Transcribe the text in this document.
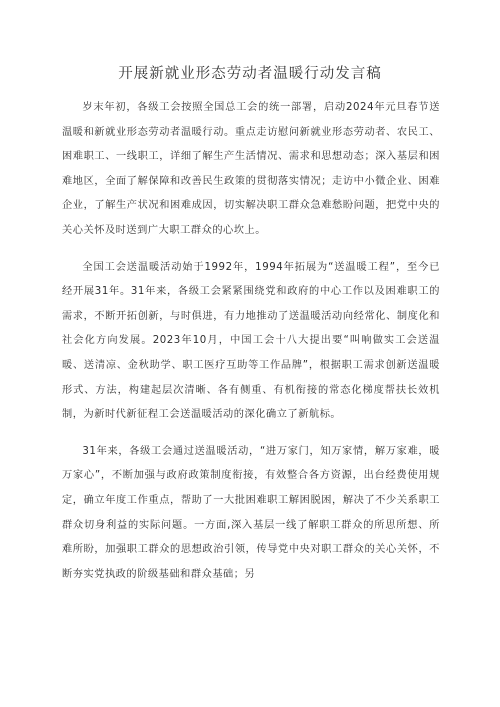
开展新就业形态劳动者温暖行动发言稿

岁末年初，各级工会按照全国总工会的统一部署，启动2024年元旦春节送温暖和新就业形态劳动者温暖行动。重点走访慰问新就业形态劳动者、农民工、困难职工、一线职工，详细了解生产生活情况、需求和思想动态；深入基层和困难地区，全面了解保障和改善民生政策的贯彻落实情况；走访中小微企业、困难企业，了解生产状况和困难成因，切实解决职工群众急难愁盼问题，把党中央的关心关怀及时送到广大职工群众的心坎上。

全国工会送温暖活动始于1992年，1994年拓展为“送温暖工程”，至今已经开展31年。31年来，各级工会紧紧围绕党和政府的中心工作以及困难职工的需求，不断开拓创新，与时俱进，有力地推动了送温暖活动向经常化、制度化和社会化方向发展。2023年10月，中国工会十八大提出要“叫响做实工会送温暖、送清凉、金秋助学、职工医疗互助等工作品牌”，根据职工需求创新送温暖形式、方法，构建起层次清晰、各有侧重、有机衔接的常态化梯度帮扶长效机制，为新时代新征程工会送温暖活动的深化确立了新航标。

31年来，各级工会通过送温暖活动，“进万家门，知万家情，解万家难，暖万家心”，不断加强与政府政策制度衔接，有效整合各方资源，出台经费使用规定，确立年度工作重点，帮助了一大批困难职工解困脱困，解决了不少关系职工群众切身利益的实际问题。一方面,深入基层一线了解职工群众的所思所想、所难所盼，加强职工群众的思想政治引领，传导党中央对职工群众的关心关怀，不断夯实党执政的阶级基础和群众基础；另
